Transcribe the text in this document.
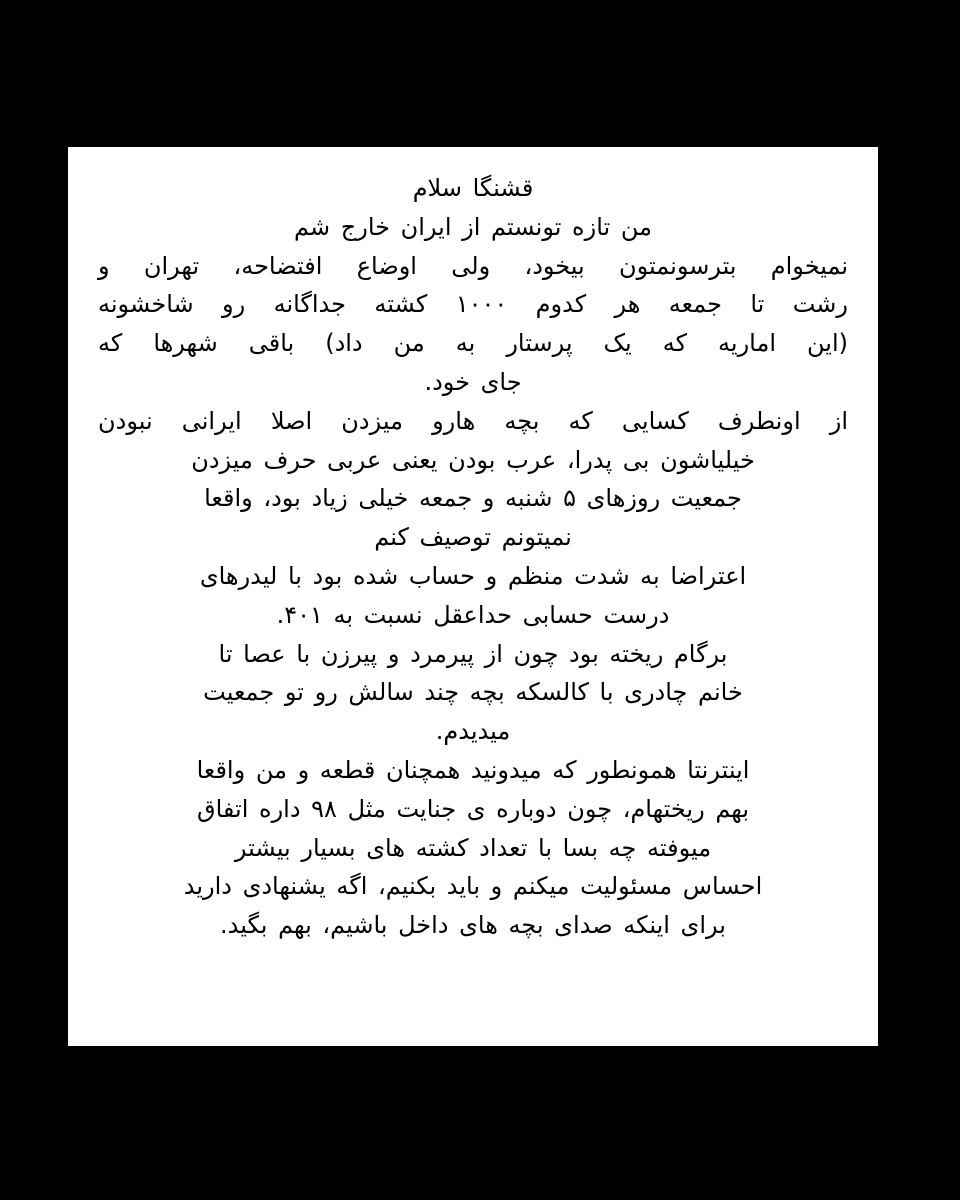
قشنگا سلام
من تازه تونستم از ایران خارج شم
نمیخوام بترسونمتون بیخود، ولی اوضاع افتضاحه، تهران و
رشت تا جمعه هر کدوم ۱۰۰۰ کشته جداگانه رو شاخشونه
(این اماریه که یک پرستار به من داد) باقی شهرها که
جای خود.
از اونطرف کسایی که بچه هارو میزدن اصلا ایرانی نبودن
خیلیاشون بی پدرا، عرب بودن یعنی عربی حرف میزدن
جمعیت روزهای ۵ شنبه و جمعه خیلی زیاد بود، واقعا
نمیتونم توصیف کنم
اعتراضا به شدت منظم و حساب شده بود با لیدرهای
درست حسابی حداعقل نسبت به ۴۰۱.
برگام ریخته بود چون از پیرمرد و پیرزن با عصا تا
خانم چادری با کالسکه بچه چند سالش رو تو جمعیت
میدیدم.
اینترنتا همونطور که میدونید همچنان قطعه و من واقعا
بهم ریختهام، چون دوباره ی جنایت مثل ۹۸ داره اتفاق
میوفته چه بسا با تعداد کشته های بسیار بیشتر
احساس مسئولیت میکنم و باید بکنیم، اگه یشنهادی دارید
برای اینکه صدای بچه های داخل باشیم، بهم بگید.
